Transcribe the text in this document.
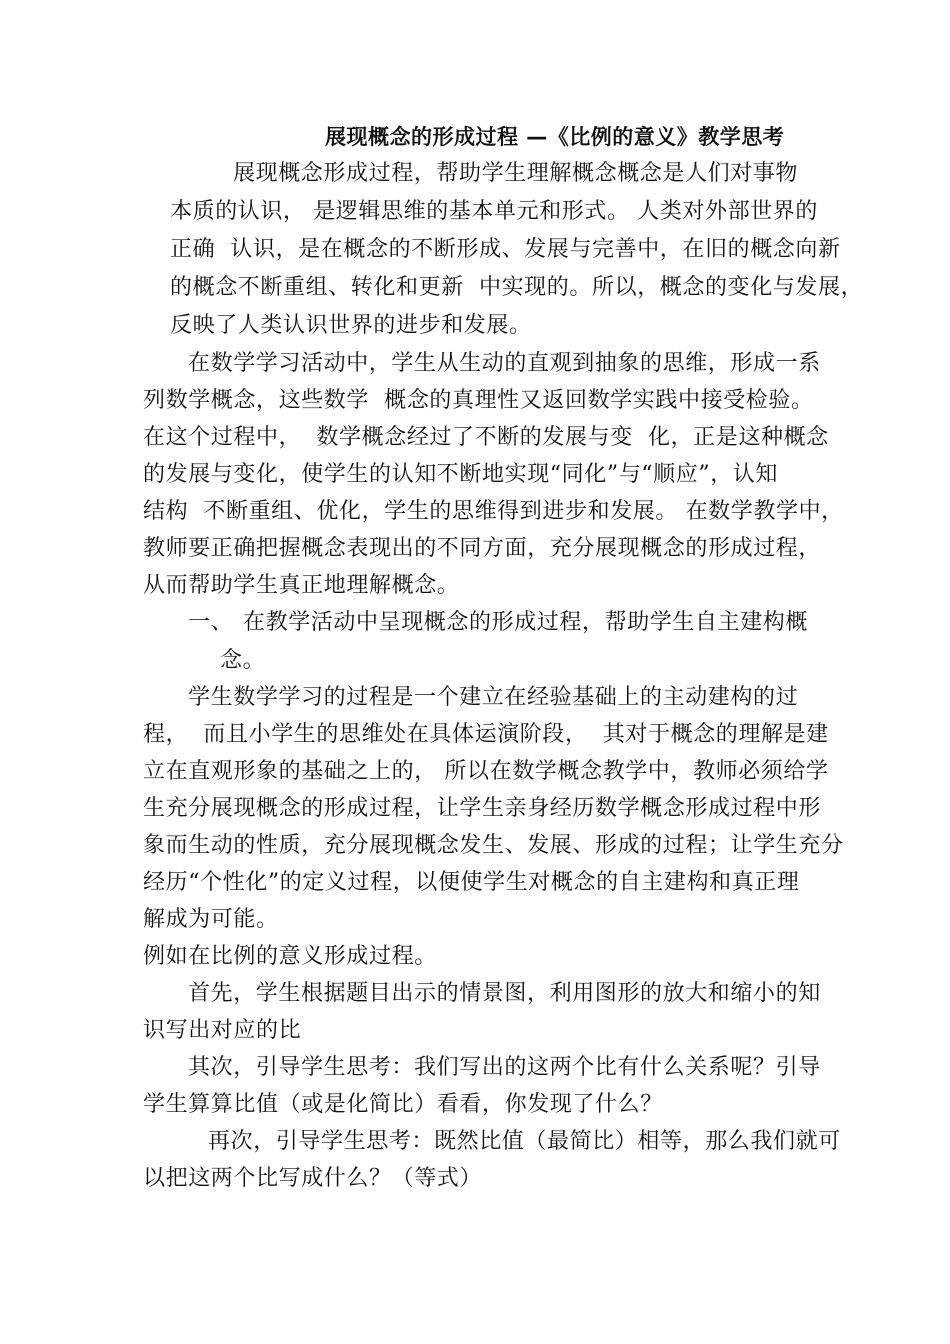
展现概念的形成过程 —《比例的意义》教学思考
展现概念形成过程，帮助学生理解概念概念是人们对事物
本质的认识， 是逻辑思维的基本单元和形式。 人类对外部世界的
正确  认识，是在概念的不断形成、发展与完善中，在旧的概念向新
的概念不断重组、转化和更新  中实现的。所以，概念的变化与发展，
反映了人类认识世界的进步和发展。
在数学学习活动中，学生从生动的直观到抽象的思维，形成一系
列数学概念，这些数学  概念的真理性又返回数学实践中接受检验。
在这个过程中，  数学概念经过了不断的发展与变  化，正是这种概念
的发展与变化，使学生的认知不断地实现“同化”与“顺应”，认知
结构  不断重组、优化，学生的思维得到进步和发展。 在数学教学中，
教师要正确把握概念表现出的不同方面，充分展现概念的形成过程，
从而帮助学生真正地理解概念。
一、 在教学活动中呈现概念的形成过程，帮助学生自主建构概
念。
学生数学学习的过程是一个建立在经验基础上的主动建构的过
程，  而且小学生的思维处在具体运演阶段，  其对于概念的理解是建
立在直观形象的基础之上的， 所以在数学概念教学中，教师必须给学
生充分展现概念的形成过程，让学生亲身经历数学概念形成过程中形
象而生动的性质，充分展现概念发生、发展、形成的过程；让学生充分
经历“个性化”的定义过程，以便使学生对概念的自主建构和真正理
解成为可能。
例如在比例的意义形成过程。
首先，学生根据题目出示的情景图，利用图形的放大和缩小的知
识写出对应的比
其次，引导学生思考：我们写出的这两个比有什么关系呢？引导
学生算算比值（或是化简比）看看，你发现了什么？
再次，引导学生思考：既然比值（最简比）相等，那么我们就可
以把这两个比写成什么？（等式）
